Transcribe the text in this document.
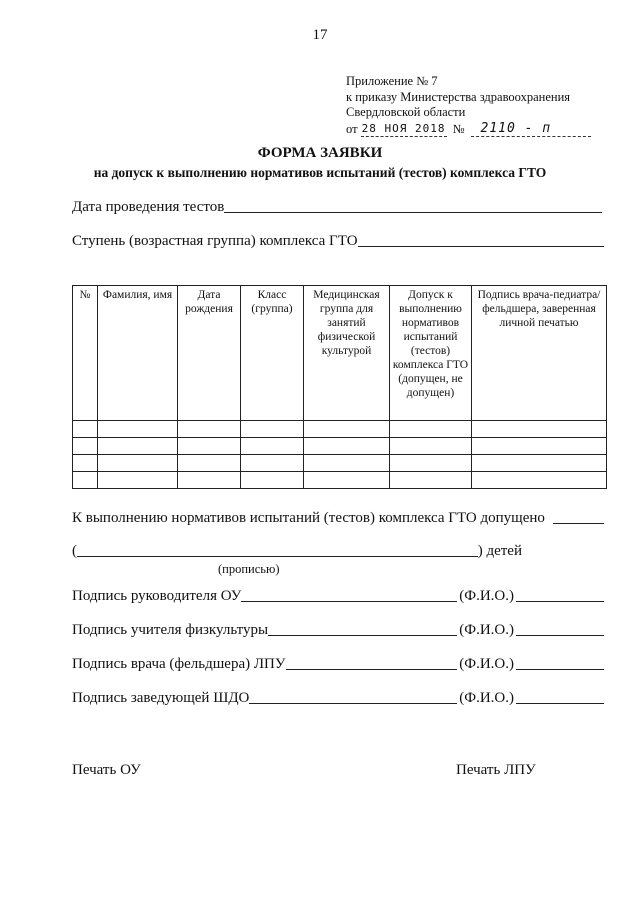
17
Приложение № 7
к приказу Министерства здравоохранения
Свердловской области
от 28 НОЯ 2018 №	2110 - п
ФОРМА ЗАЯВКИ
на допуск к выполнению нормативов испытаний (тестов) комплекса ГТО
Дата проведения тестов
Ступень (возрастная группа) комплекса ГТО
№	Фамилия, имя	Дата рождения	Класс (группа)	Медицинская группа для занятий физической культурой	Допуск к выполнению нормативов испытаний (тестов) комплекса ГТО (допущен, не допущен)	Подпись врача-педиатра/фельдшера, заверенная личной печатью

К выполнению нормативов испытаний (тестов) комплекса ГТО допущено
(	) детей
(прописью)
Подпись руководителя ОУ	(Ф.И.О.)
Подпись учителя физкультуры	(Ф.И.О.)
Подпись врача (фельдшера) ЛПУ	(Ф.И.О.)
Подпись заведующей ШДО	(Ф.И.О.)
Печать ОУ	Печать ЛПУ
